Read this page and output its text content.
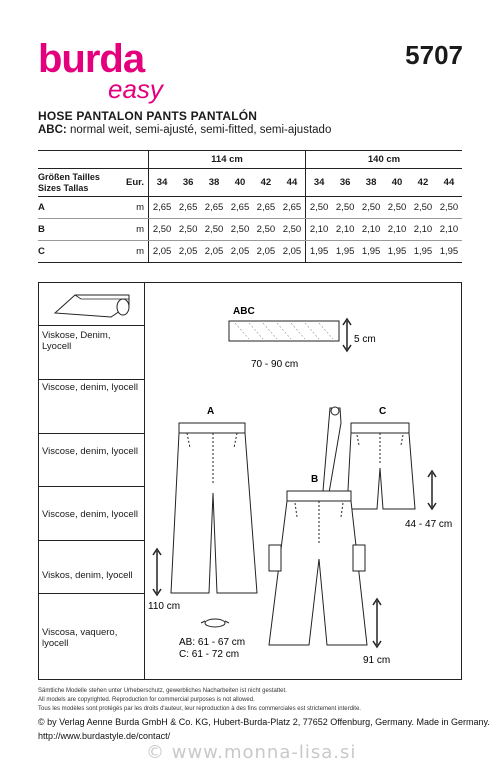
burda
easy
5707
HOSE PANTALON PANTS PANTALÓN
ABC: normal weit, semi-ajusté, semi-fitted, semi-ajustado
		114 cm						140 cm					
Größen Tailles
Sizes Tallas	Eur.	34	36	38	40	42	44	34	36	38	40	42	44
A	m	2,65	2,65	2,65	2,65	2,65	2,65	2,50	2,50	2,50	2,50	2,50	2,50
B	m	2,50	2,50	2,50	2,50	2,50	2,50	2,10	2,10	2,10	2,10	2,10	2,10
C	m	2,05	2,05	2,05	2,05	2,05	2,05	1,95	1,95	1,95	1,95	1,95	1,95
Viskose, Denim,
Lyocell
Viscose, denim, lyocell
Viscose, denim, lyocell
Viscose, denim, lyocell
Viskos, denim, lyocell
Viscosa, vaquero,
lyocell
ABC
5 cm
70 - 90 cm
A
110 cm
AB: 61 - 67 cm
C: 61 - 72 cm
C
44 - 47 cm
B
91 cm
Sämtliche Modelle stehen unter Urheberschutz, gewerbliches Nacharbeiten ist nicht gestattet.
All models are copyrighted. Reproduction for commercial purposes is not allowed.
Tous les modèles sont protégés par les droits d'auteur, leur reproduction à des fins commerciales est strictement interdite.
© by Verlag Aenne Burda GmbH & Co. KG, Hubert-Burda-Platz 2, 77652 Offenburg, Germany. Made in Germany.
http://www.burdastyle.de/contact/
© www.monna-lisa.si
